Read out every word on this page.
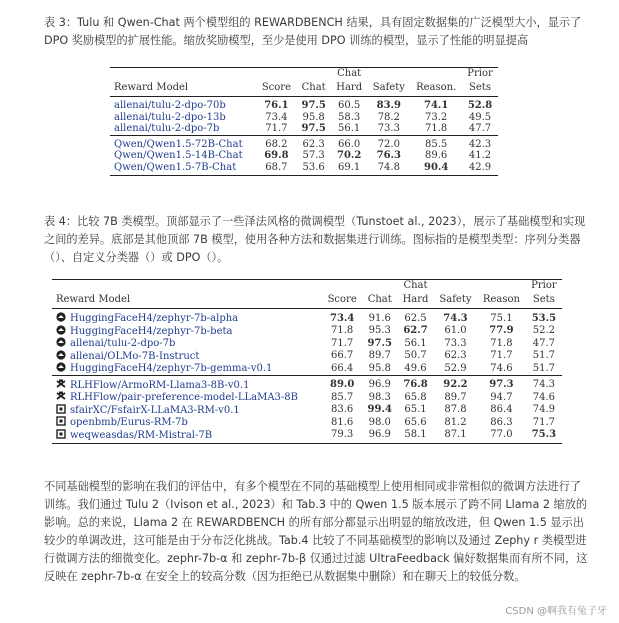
表 3：Tulu 和 Qwen-Chat 两个模型组的 REWARDBENCH 结果，具有固定数据集的广泛模型大小，显示了 DPO 奖励模型的扩展性能。缩放奖励模型，至少是使用 DPO 训练的模型，显示了性能的明显提高

			Chat			Prior
Reward Model	Score	Chat	Hard	Safety	Reason.	Sets
allenai/tulu-2-dpo-70b	76.1	97.5	60.5	83.9	74.1	52.8
allenai/tulu-2-dpo-13b	73.4	95.8	58.3	78.2	73.2	49.5
allenai/tulu-2-dpo-7b	71.7	97.5	56.1	73.3	71.8	47.7
Qwen/Qwen1.5-72B-Chat	68.2	62.3	66.0	72.0	85.5	42.3
Qwen/Qwen1.5-14B-Chat	69.8	57.3	70.2	76.3	89.6	41.2
Qwen/Qwen1.5-7B-Chat	68.7	53.6	69.1	74.8	90.4	42.9

表 4：比较 7B 类模型。顶部显示了一些泽法风格的微调模型（Tunstoet al., 2023），展示了基础模型和实现之间的差异。底部是其他顶部 7B 模型，使用各种方法和数据集进行训练。图标指的是模型类型：序列分类器（）、自定义分类器（）或 DPO（）。

			Chat			Prior
Reward Model	Score	Chat	Hard	Safety	Reason	Sets
HuggingFaceH4/zephyr-7b-alpha	73.4	91.6	62.5	74.3	75.1	53.5
HuggingFaceH4/zephyr-7b-beta	71.8	95.3	62.7	61.0	77.9	52.2
allenai/tulu-2-dpo-7b	71.7	97.5	56.1	73.3	71.8	47.7
allenai/OLMo-7B-Instruct	66.7	89.7	50.7	62.3	71.7	51.7
HuggingFaceH4/zephyr-7b-gemma-v0.1	66.4	95.8	49.6	52.9	74.6	51.7
RLHFlow/ArmoRM-Llama3-8B-v0.1	89.0	96.9	76.8	92.2	97.3	74.3
RLHFlow/pair-preference-model-LLaMA3-8B	85.7	98.3	65.8	89.7	94.7	74.6
sfairXC/FsfairX-LLaMA3-RM-v0.1	83.6	99.4	65.1	87.8	86.4	74.9
openbmb/Eurus-RM-7b	81.6	98.0	65.6	81.2	86.3	71.7
weqweasdas/RM-Mistral-7B	79.3	96.9	58.1	87.1	77.0	75.3

不同基础模型的影响在我们的评估中，有多个模型在不同的基础模型上使用相同或非常相似的微调方法进行了训练。我们通过 Tulu 2（Ivison et al., 2023）和 Tab.3 中的 Qwen 1.5 版本展示了跨不同 Llama 2 缩放的影响。总的来说，Llama 2 在 REWARDBENCH 的所有部分都显示出明显的缩放改进，但 Qwen 1.5 显示出较少的单调改进，这可能是由于分布泛化挑战。Tab.4 比较了不同基础模型的影响以及通过 Zephy r 类模型进行微调方法的细微变化。zephr-7b-α 和 zephr-7b-β 仅通过过滤 UltraFeedback 偏好数据集而有所不同，这反映在 zephr-7b-α 在安全上的较高分数（因为拒绝已从数据集中删除）和在聊天上的较低分数。

CSDN @啊我有兔子牙
